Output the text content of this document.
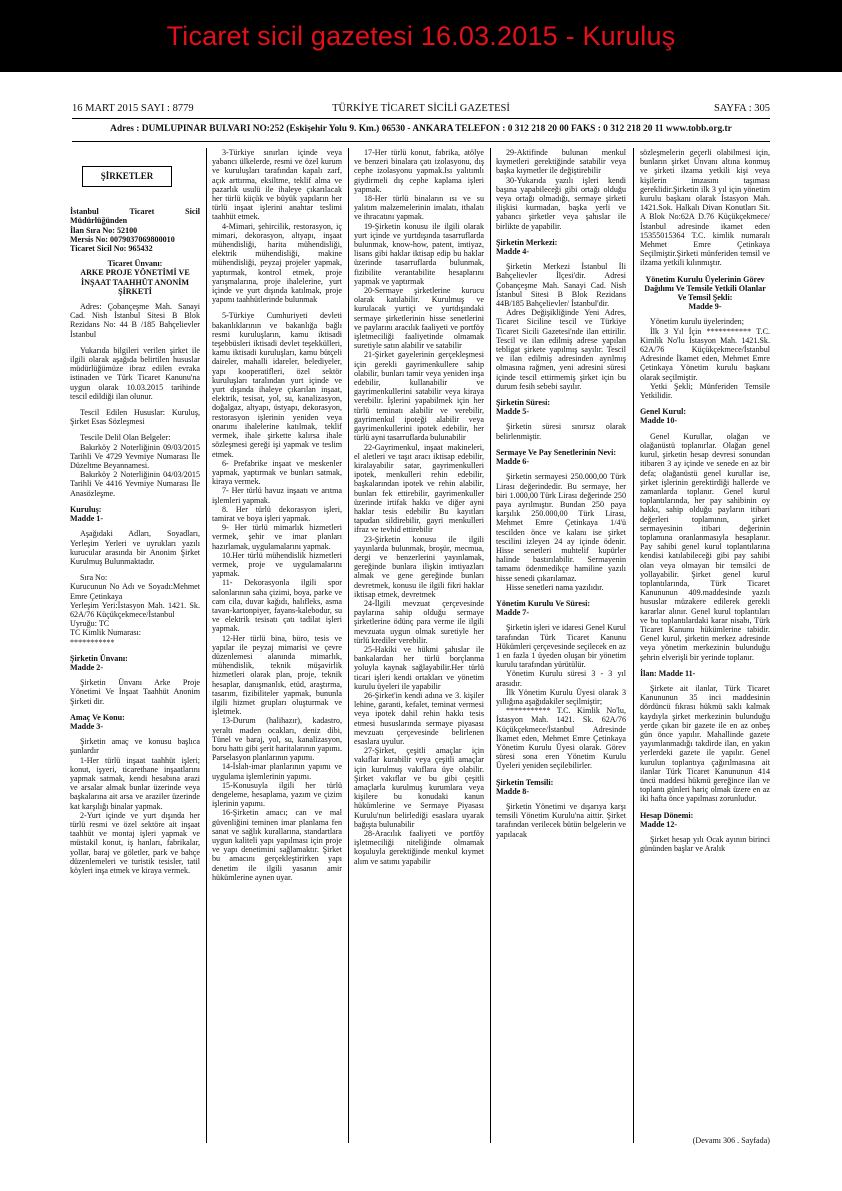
Ticaret sicil gazetesi 16.03.2015 - Kuruluş
16 MART 2015 SAYI : 8779	TÜRKİYE TİCARET SİCİLİ GAZETESİ	SAYFA : 305
Adres : DUMLUPINAR BULVARI NO:252 (Eskişehir Yolu 9. Km.) 06530 - ANKARA TELEFON : 0 312 218 20 00 FAKS : 0 312 218 20 11 www.tobb.org.tr
ŞİRKETLER

İstanbul Ticaret Sicil Müdürlüğünden
İlan Sıra No: 52100
Mersis No: 0079037069800010
Ticaret Sicil No: 965432

Ticaret Ünvanı:
ARKE PROJE YÖNETİMİ VE İNŞAAT TAAHHÜT ANONİM ŞİRKETİ

Adres: Çobançeşme Mah. Sanayi Cad. Nish İstanbul Sitesi B Blok Rezidans No: 44 B /185 Bahçelievler İstanbul

Yukarıda bilgileri verilen şirket ile ilgili olarak aşağıda belirtilen hususlar müdürlüğümüze ibraz edilen evraka istinaden ve Türk Ticaret Kanunu'na uygun olarak 10.03.2015 tarihinde tescil edildiği ilan olunur.

Tescil Edilen Hususlar: Kuruluş, Şirket Esas Sözleşmesi

Tescile Delil Olan Belgeler:

Bakırköy 2 Noterliğinin 09/03/2015 Tarihli Ve 4729 Yevmiye Numarası İle Düzeltme Beyannamesi.

Bakırköy 2 Noterliğinin 04/03/2015 Tarihli Ve 4416 Yevmiye Numarası İle Anasözleşme.

Kuruluş:
Madde 1-

Aşağıdaki Adları, Soyadları, Yerleşim Yerleri ve uyrukları yazılı kurucular arasında bir Anonim Şirket Kurulmuş Bulunmaktadır.

Sıra No:
Kurucunun No Adı ve Soyadı:Mehmet Emre Çetinkaya
Yerleşim Yeri:İstasyon Mah. 1421. Sk. 62A/76 Küçükçekmece/İstanbul
Uyruğu: TC
TC Kimlik Numarası:
***********

Şirketin Ünvanı:
Madde 2-

Şirketin Ünvanı Arke Proje Yönetimi Ve İnşaat Taahhüt Anonim Şirketi dir.

Amaç Ve Konu:
Madde 3-

Şirketin amaç ve konusu başlıca şunlardır

1-Her türlü inşaat taahhüt işleri; konut, işyeri, ticarethane inşaatlarını yapmak satmak, kendi hesabına arazi ve arsalar almak bunlar üzerinde veya başkalarına ait arsa ve araziler üzerinde kat karşılığı binalar yapmak.

2-Yurt içinde ve yurt dışında her türlü resmi ve özel sektöre ait inşaat taahhüt ve montaj işleri yapmak ve müstakil konut, iş hanları, fabrikalar, yollar, baraj ve göletler, park ve bahçe düzenlemeleri ve turistik tesisler, tatil köyleri inşa etmek ve kiraya vermek.

3-Türkiye sınırları içinde veya yabancı ülkelerde, resmi ve özel kurum ve kuruluşları tarafından kapalı zarf, açık arttırma, eksiltme, teklif alma ve pazarlık usulü ile ihaleye çıkarılacak her türlü küçük ve büyük yapıların her türlü inşaat işlerini anahtar teslimi taahhüt etmek.

4-Mimari, şehircilik, restorasyon, iç mimari, dekorasyon, altyapı, inşaat mühendisliği, harita mühendisliği, elektrik mühendisliği, makine mühendisliği, peyzaj projeler yapmak, yaptırmak, kontrol etmek, proje yarışmalarına, proje ihalelerine, yurt içinde ve yurt dışında katılmak, proje yapımı taahhütlerinde bulunmak

5-Türkiye Cumhuriyeti devleti bakanlıklarının ve bakanlığa bağlı resmi kuruluşların, kamu iktisadi teşebbüsleri iktisadi devlet teşekkülleri, kamu iktisadi kuruluşları, kamu bütçeli daireler, mahalli idareler, belediyeler, yapı kooperatifleri, özel sektör kuruluşları taralından yurt içinde ve yurt dışında ihaleye çıkarılan inşaat, elektrik, tesisat, yol, su, kanalizasyon, doğalgaz, altyapı, üstyapı, dekorasyon, restorasyon işlerinin yeniden veya onarımı ihalelerine katılmak, teklif vermek, ihale şirkette kalırsa ihale sözleşmesi gereği işi yapmak ve teslim etmek.

6- Prefabrike inşaat ve meskenler yapmak, yaptırmak ve bunları satmak, kiraya vermek.

7- Her türlü havuz inşaatı ve arıtma işlemleri yapmak.

8. Her türlü dekorasyon işleri, tamirat ve boya işleri yapmak.

9- Her türlü mimarlık hizmetleri vermek, şehir ve imar planları hazırlamak, uygulamalarını yapmak.

10.Her türlü mühendislik hizmetleri vermek, proje ve uygulamalarını yapmak.

11- Dekorasyonla ilgili spor salonlarının saha çizimi, boya, parke ve cam cila, duvar kağıdı, halıfleks, asma tavan-kartonpiyer, fayans-kalebodur, su ve elektrik tesisatı çatı tadilat işleri yapmak.

12-Her türlü bina, büro, tesis ve yapılar ile peyzaj mimarisi ve çevre düzenlemesi alanında mimarlık, mühendislik, teknik müşavirlik hizmetleri olarak plan, proje, teknik hesaplar, danışmanlık, etüd, araştırma, tasarım, fizibiliteler yapmak, bununla ilgili hizmet grupları oluşturmak ve işletmek.

13-Durum (halihazır), kadastro, yeraltı maden ocakları, deniz dibi, Tünel ve baraj, yol, su, kanalizasyon, boru hattı gibi şerit haritalarının yapımı. Parselasyon planlarının yapımı.

14-İslah-imar planlarının yapımı ve uygulama işlemlerinin yapımı.

15-Konusuyla ilgili her türlü dengeleme, hesaplama, yazım ve çizim işlerinin yapımı.

16-Şirketin amacı; can ve mal güvenliğini teminen imar planlama fen sanat ve sağlık kurallarına, standartlara uygun kaliteli yapı yapılması için proje ve yapı denetimini sağlamaktır. Şirket bu amacını gerçekleştirirken yapı denetim ile ilgili yasanın amir hükümlerine aynen uyar.

17-Her türlü konut, fabrika, atölye ve benzeri binalara çatı izolasyonu, dış cephe izolasyonu yapmak.Isı yalıtımlı giydirmeli dış cephe kaplama işleri yapmak.

18-Her türlü binaların ısı ve su yalıtım malzemelerinin imalatı, ithalatı ve ihracatını yapmak.

19-Şirketin konusu ile ilgili olarak yurt içinde ve yurtdışında tasarruflarda bulunmak, know-how, patent, imtiyaz, lisans gibi haklar iktisap edip bu haklar üzerinde tasarruflarda bulunmak, fizibilite verantabilite hesaplarını yapmak ve yaptırmak

20-Sermaye şirketlerine kurucu olarak katılabilir. Kurulmuş ve kurulacak yurtiçi ve yurtdışındaki sermaye şirketlerinin hisse senetlerini ve paylarını aracılık faaliyeti ve portföy işletmeciliği faaliyetinde olmamak suretiyle satın alabilir ve satabilir

21-Şirket gayelerinin gerçekleşmesi için gerekli gayrimenkullere sahip olabilir, bunları tamir veya yeniden inşa edebilir, kullanabilir ve gayrimenkullerini satabilir veya kiraya verebilir. İşlerini yapabilmek için her türlü teminatı alabilir ve verebilir, gayrimenkul ipoteği alabilir veya gayrimenkullerini ipotek edebilir, her türlü ayni tasarruflarda bulunabilir

22-Gayrimenkul, inşaat makineleri, el aletleri ve taşıt aracı iktisap edebilir, kiralayabilir satar, gayrimenkulleri ipotek, menkulleri rehin edebilir, başkalarından ipotek ve rehin alabilir, bunları fek ettirebilir, gayrimenkuller üzerinde irtifak hakkı ve diğer ayni haklar tesis edebilir Bu kayıtları tapudan sildirebilir, gayri menkulleri ifraz ve tevhid ettirebilir

23-Şirketin konusu ile ilgili yayınlarda bulunmak, broşür, mecmua, dergi ve benzerlerini yayınlamak, gereğinde bunlara ilişkin imtiyazları almak ve gene gereğinde bunları devretmek, konusu ile ilgili fikri haklar iktisap etmek, devretmek

24-İlgili mevzuat çerçevesinde paylarına sahip olduğu sermaye şirketlerine ödünç para verme ile ilgili mevzuata uygun olmak suretiyle her türlü krediler verebilir.

25-Hakiki ve hükmi şahıslar ile bankalardan her türlü borçlanma yoluyla kaynak sağlayabilir.Her türlü ticari işleri kendi ortakları ve yönetim kurulu üyeleri ile yapabilir

26-Şirket'in kendi adına ve 3. kişiler lehine, garanti, kefalet, teminat vermesi veya ipotek dahil rehin hakkı tesis etmesi hususlarında sermaye piyasası mevzuatı çerçevesinde belirlenen esaslara uyulur.

27-Şirket, çeşitli amaçlar için vakıflar kurabilir veya çeşitli amaçlar için kurulmuş vakıflara üye olabilir. Şirket vakıflar ve bu gibi çeşitli amaçlarla kurulmuş kurumlara veya kişilere bu konudaki kanun hükümlerine ve Sermaye Piyasası Kurulu'nun belirlediği esaslara uyarak bağışta bulunabilir

28-Aracılık faaliyeti ve portföy işletmeciliği niteliğinde olmamak koşuluyla gerektiğinde menkul kıymet alım ve satımı yapabilir

29-Aktifinde bulunan menkul kıymetleri gerektiğinde satabilir veya başka kıymetler ile değiştirebilir

30-Yukarıda yazılı işleri kendi başına yapabileceği gibi ortağı olduğu veya ortağı olmadığı, sermaye şirketi ilişkisi kurmadan, başka yerli ve yabancı şirketler veya şahıslar ile birlikte de yapabilir.

Şirketin Merkezi:
Madde 4-

Şirketin Merkezi İstanbul İli Bahçelievler İlçesi'dir. Adresi Çobançeşme Mah. Sanayi Cad. Nish İstanbul Sitesi B Blok Rezidans 44B/185 Bahçelievler/ İstanbul'dir.

Adres Değişikliğinde Yeni Adres, Ticaret Siciline tescil ve Türkiye Ticaret Sicili Gazetesi'nde ilan ettirilir. Tescil ve ilan edilmiş adrese yapılan tebligat şirkete yapılmış sayılır. Tescil ve ilan edilmiş adresinden ayrılmış olmasına rağmen, yeni adresini süresi içinde tescil ettirmemiş şirket için bu durum fesih sebebi sayılır.

Şirketin Süresi:
Madde 5-

Şirketin süresi sınırsız olarak belirlenmiştir.

Sermaye Ve Pay Senetlerinin Nevi:
Madde 6-

Şirketin sermayesi 250.000,00 Türk Lirası değerindedir. Bu sermaye, her biri 1.000,00 Türk Lirası değerinde 250 paya ayrılmıştır. Bundan 250 paya karşılık 250.000,00 Türk Lirası, Mehmet Emre Çetinkaya 1/4'ü tescilden önce ve kalanı ise şirket tescilini izleyen 24 ay içinde ödenir. Hisse senetleri muhtelif kupürler halinde bastırılabilir. Sermayenin tamamı ödenmedikçe hamiline yazılı hisse senedi çıkarılamaz.

Hisse senetleri nama yazılıdır.

Yönetim Kurulu Ve Süresi:
Madde 7-

Şirketin işleri ve idaresi Genel Kurul tarafından Türk Ticaret Kanunu Hükümleri çerçevesinde seçilecek en az 1 en fazla 1 üyeden oluşan bir yönetim kurulu tarafından yürütülür.

Yönetim Kurulu süresi 3 - 3 yıl arasıdır.

İlk Yönetim Kurulu Üyesi olarak 3 yıllığına aşağıdakiler seçilmiştir;

*********** T.C. Kimlik No'lu, İstasyon Mah. 1421. Sk. 62A/76 Küçükçekmece/İstanbul Adresinde İkamet eden, Mehmet Emre Çetinkaya Yönetim Kurulu Üyesi olarak. Görev süresi sona eren Yönetim Kurulu Üyeleri yeniden seçilebilirler.

Şirketin Temsili:
Madde 8-

Şirketin Yönetimi ve dışarıya karşı temsili Yönetim Kurulu'na aittir. Şirket tarafından verilecek bütün belgelerin ve yapılacak

sözleşmelerin geçerli olabilmesi için, bunların şirket Ünvanı altına konmuş ve şirketi ilzama yetkili kişi veya kişilerin imzasını taşıması gereklidir.Şirketin ilk 3 yıl için yönetim kurulu başkanı olarak İstasyon Mah. 1421.Sok. Halkalı Divan Konutları Sit. A Blok No:62A D.76 Küçükçekmece/İstanbul adresinde ikamet eden 15355015364 T.C. kimlik numaralı Mehmet Emre Çetinkaya Seçilmiştir.Şirketi münferiden temsil ve ilzama yetkili kılınmıştır.

Yönetim Kurulu Üyelerinin Görev Dağılımı Ve Temsile Yetkili Olanlar Ve Temsil Şekli:
Madde 9-

Yönetim kurulu üyelerinden;

İlk 3 Yıl İçin *********** T.C. Kimlik No'lu İstasyon Mah. 1421.Sk. 62A/76 Küçükçekmece/İstanbul Adresinde İkamet eden, Mehmet Emre Çetinkaya Yönetim kurulu başkanı olarak seçilmiştir.

Yetki Şekli; Münferiden Temsile Yetkilidir.

Genel Kurul:
Madde 10-

Genel Kurullar, olağan ve olağanüstü toplanırlar. Olağan genel kurul, şirketin hesap devresi sonundan itibaren 3 ay içinde ve senede en az bir defa; olağanüstü genel kurullar ise, şirket işlerinin gerektirdiği hallerde ve zamanlarda toplanır. Genel kurul toplantılarında, her pay sahibinin oy hakkı, sahip olduğu payların itibari değerleri toplamının, şirket sermayesinin itibari değerinin toplamına oranlanmasıyla hesaplanır. Pay sahibi genel kurul toplantılarına kendisi katılabileceği gibi pay sahibi olan veya olmayan bir temsilci de yollayabilir. Şirket genel kurul toplantılarında, Türk Ticaret Kanununun 409.maddesinde yazılı hususlar müzakere edilerek gerekli kararlar alınır. Genel kurul toplantıları ve bu toplantılardaki karar nisabı, Türk Ticaret Kanunu hükümlerine tabidir. Genel kurul, şirketin merkez adresinde veya yönetim merkezinin bulunduğu şehrin elverişli bir yerinde toplanır.

İlan: Madde 11-

Şirkete ait ilanlar, Türk Ticaret Kanununun 35 inci maddesinin dördüncü fıkrası hükmü saklı kalmak kaydıyla şirket merkezinin bulunduğu yerde çıkan bir gazete ile en az onbeş gün önce yapılır. Mahallinde gazete yayımlanmadığı takdirde ilan, en yakın yerlerdeki gazete ile yapılır. Genel kurulun toplantıya çağırılmasına ait ilanlar Türk Ticaret Kanununun 414 üncü maddesi hükmü gereğince ilan ve toplantı günleri hariç olmak üzere en az iki hafta önce yapılması zorunludur.

Hesap Dönemi:
Madde 12-

Şirket hesap yılı Ocak ayının birinci gününden başlar ve Aralık

(Devamı 306 . Sayfada)
